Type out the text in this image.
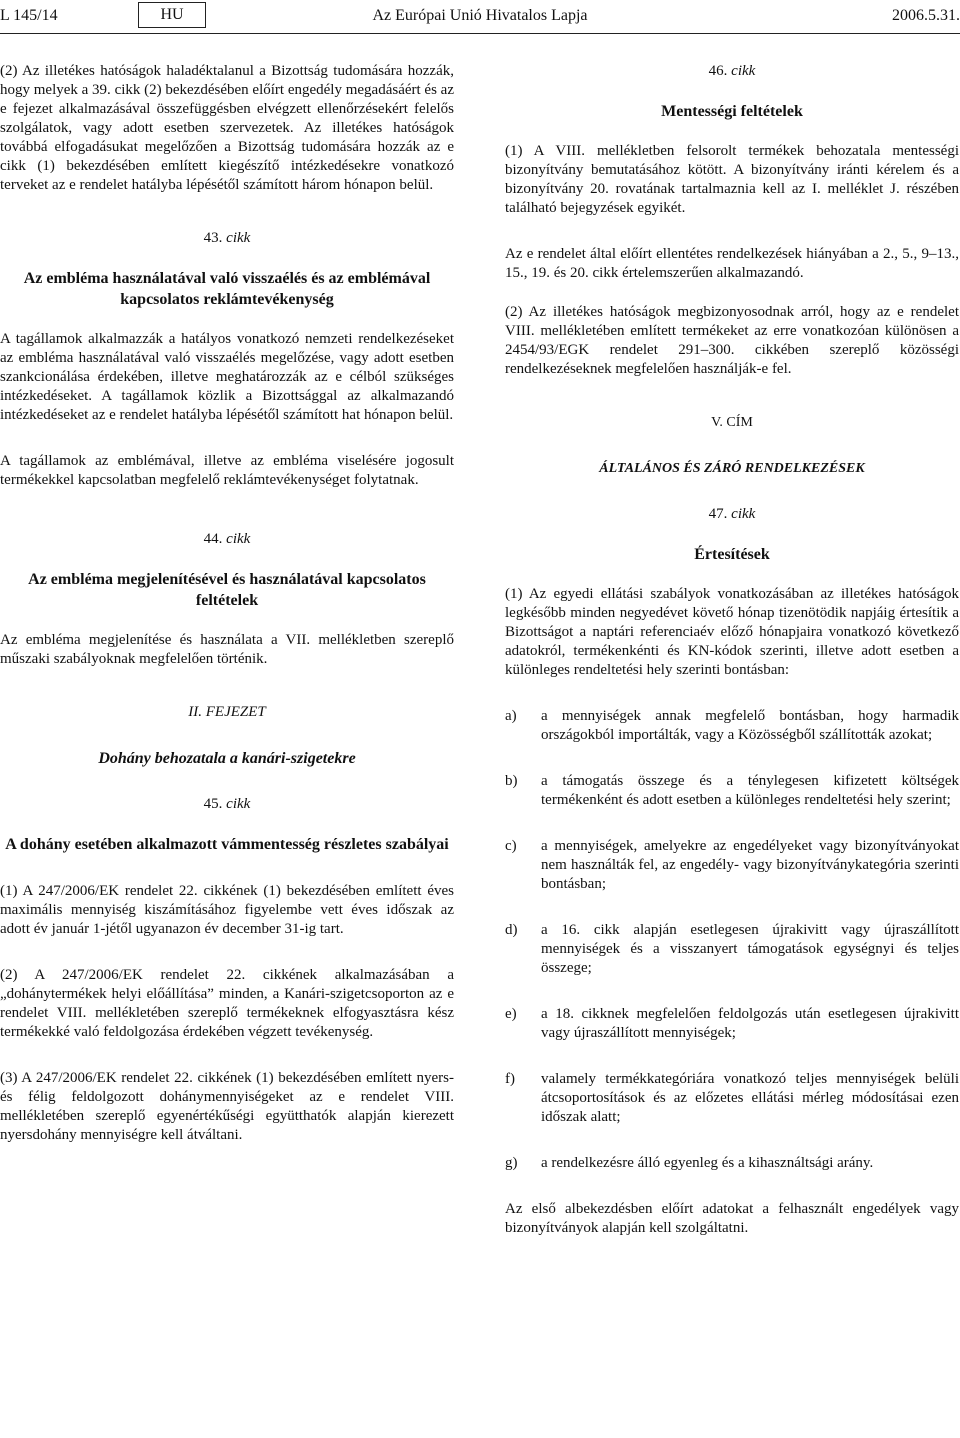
L 145/14	Az Európai Unió Hivatalos Lapja
HU	2006.5.31.

(2) Az illetékes hatóságok haladéktalanul a Bizottság tudomására hozzák, hogy melyek a 39. cikk (2) bekezdésében előírt engedély megadásáért és az e fejezet alkalmazásával összefüggésben elvégzett ellenőrzésekért felelős szolgálatok, vagy adott esetben szervezetek. Az illetékes hatóságok továbbá elfogadásukat megelőzően a Bizottság tudomására hozzák az e cikk (1) bekezdésében említett kiegészítő intézkedésekre vonatkozó terveket az e rendelet hatályba lépésétől számított három hónapon belül.

43. cikk

Az embléma használatával való visszaélés és az emblémával kapcsolatos reklámtevékenység

A tagállamok alkalmazzák a hatályos vonatkozó nemzeti rendelkezéseket az embléma használatával való visszaélés megelőzése, vagy adott esetben szankcionálása érdekében, illetve meghatározzák az e célból szükséges intézkedéseket. A tagállamok közlik a Bizottsággal az alkalmazandó intézkedéseket az e rendelet hatályba lépésétől számított hat hónapon belül.

A tagállamok az emblémával, illetve az embléma viselésére jogosult termékekkel kapcsolatban megfelelő reklámtevékenységet folytatnak.

44. cikk

Az embléma megjelenítésével és használatával kapcsolatos feltételek

Az embléma megjelenítése és használata a VII. mellékletben szereplő műszaki szabályoknak megfelelően történik.

II. FEJEZET

Dohány behozatala a kanári-szigetekre

45. cikk

A dohány esetében alkalmazott vámmentesség részletes szabályai

(1) A 247/2006/EK rendelet 22. cikkének (1) bekezdésében említett éves maximális mennyiség kiszámításához figyelembe vett éves időszak az adott év január 1-jétől ugyanazon év december 31-ig tart.

(2) A 247/2006/EK rendelet 22. cikkének alkalmazásában a „dohánytermékek helyi előállítása” minden, a Kanári-szigetcsoporton az e rendelet VIII. mellékletében szereplő termékeknek elfogyasztásra kész termékekké való feldolgozása érdekében végzett tevékenység.

(3) A 247/2006/EK rendelet 22. cikkének (1) bekezdésében említett nyers- és félig feldolgozott dohánymennyiségeket az e rendelet VIII. mellékletében szereplő egyenértékűségi együtthatók alapján kierezett nyersdohány mennyiségre kell átváltani.

46. cikk

Mentességi feltételek

(1) A VIII. mellékletben felsorolt termékek behozatala mentességi bizonyítvány bemutatásához kötött. A bizonyítvány iránti kérelem és a bizonyítvány 20. rovatának tartalmaznia kell az I. melléklet J. részében található bejegyzések egyikét.

Az e rendelet által előírt ellentétes rendelkezések hiányában a 2., 5., 9–13., 15., 19. és 20. cikk értelemszerűen alkalmazandó.

(2) Az illetékes hatóságok megbizonyosodnak arról, hogy az e rendelet VIII. mellékletében említett termékeket az erre vonatkozóan különösen a 2454/93/EGK rendelet 291–300. cikkében szereplő közösségi rendelkezéseknek megfelelően használják-e fel.

V. CÍM

ÁLTALÁNOS ÉS ZÁRÓ RENDELKEZÉSEK

47. cikk

Értesítések

(1) Az egyedi ellátási szabályok vonatkozásában az illetékes hatóságok legkésőbb minden negyedévet követő hónap tizenötödik napjáig értesítik a Bizottságot a naptári referenciaév előző hónapjaira vonatkozó következő adatokról, termékenkénti és KN-kódok szerinti, illetve adott esetben a különleges rendeltetési hely szerinti bontásban:

a)	a mennyiségek annak megfelelő bontásban, hogy harmadik országokból importálták, vagy a Közösségből szállították azokat;
b)	a támogatás összege és a ténylegesen kifizetett költségek termékenként és adott esetben a különleges rendeltetési hely szerint;
c)	a mennyiségek, amelyekre az engedélyeket vagy bizonyítványokat nem használták fel, az engedély- vagy bizonyítványkategória szerinti bontásban;
d)	a 16. cikk alapján esetlegesen újrakivitt vagy újraszállított mennyiségek és a visszanyert támogatások egységnyi és teljes összege;
e)	a 18. cikknek megfelelően feldolgozás után esetlegesen újrakivitt vagy újraszállított mennyiségek;
f)	valamely termékkategóriára vonatkozó teljes mennyiségek belüli átcsoportosítások és az előzetes ellátási mérleg módosításai ezen időszak alatt;
g)	a rendelkezésre álló egyenleg és a kihasználtsági arány.

Az első albekezdésben előírt adatokat a felhasznált engedélyek vagy bizonyítványok alapján kell szolgáltatni.
